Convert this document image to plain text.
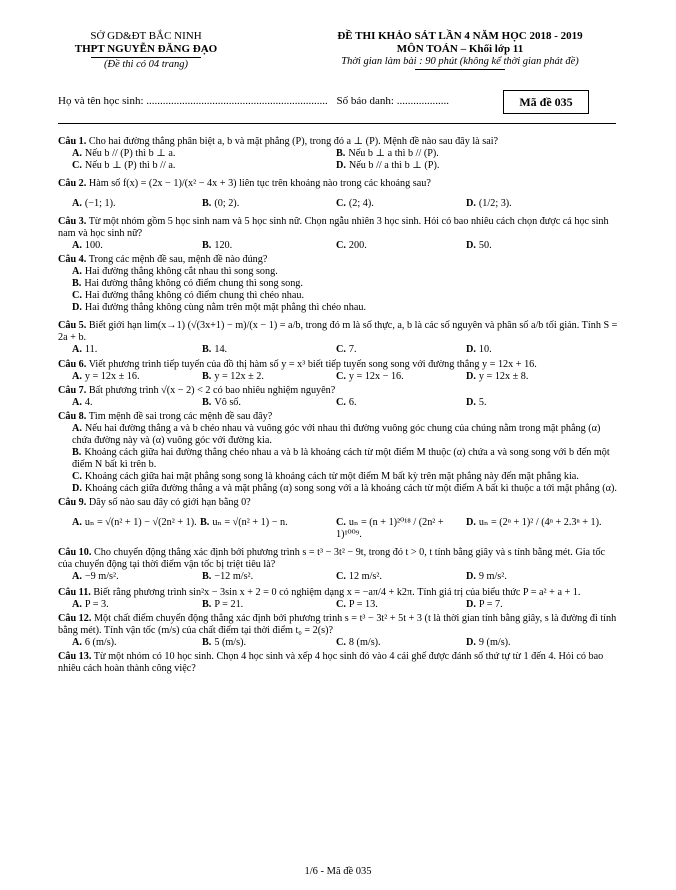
SỞ GD&ĐT BẮC NINH
THPT NGUYỄN ĐĂNG ĐẠO
(Đề thi có 04 trang)
ĐỀ THI KHẢO SÁT LẦN 4 NĂM HỌC 2018 - 2019
MÔN TOÁN – Khối lớp 11
Thời gian làm bài : 90 phút (không kể thời gian phát đề)
Họ và tên học sinh: .................................................................. Số báo danh: ...................	Mã đề 035
Câu 1. Cho hai đường thẳng phân biệt a, b và mặt phẳng (P), trong đó a ⊥ (P). Mệnh đề nào sau đây là sai?
A. Nếu b // (P) thì b ⊥ a.	B. Nếu b ⊥ a thì b // (P).
C. Nếu b ⊥ (P) thì b // a.	D. Nếu b // a thì b ⊥ (P).
Câu 2. Hàm số f(x) = (2x − 1)/(x² − 4x + 3) liên tục trên khoảng nào trong các khoảng sau?
A. (−1; 1).	B. (0; 2).	C. (2; 4).	D. (1/2; 3).
Câu 3. Từ một nhóm gồm 5 học sinh nam và 5 học sinh nữ. Chọn ngẫu nhiên 3 học sinh. Hỏi có bao nhiêu cách chọn được cả học sinh nam và học sinh nữ?
A. 100.	B. 120.	C. 200.	D. 50.
Câu 4. Trong các mệnh đề sau, mệnh đề nào đúng?
A. Hai đường thẳng không cắt nhau thì song song.
B. Hai đường thẳng không có điểm chung thì song song.
C. Hai đường thẳng không có điểm chung thì chéo nhau.
D. Hai đường thẳng không cùng nằm trên một mặt phẳng thì chéo nhau.
Câu 5. Biết giới hạn lim(x→1) (√(3x+1) − m)/(x − 1) = a/b, trong đó m là số thực, a, b là các số nguyên và phân số a/b tối giản. Tính S = 2a + b.
A. 11.	B. 14.	C. 7.	D. 10.
Câu 6. Viết phương trình tiếp tuyến của đồ thị hàm số y = x³ biết tiếp tuyến song song với đường thẳng y = 12x + 16.
A. y = 12x ± 16.	B. y = 12x ± 2.	C. y = 12x − 16.	D. y = 12x ± 8.
Câu 7. Bất phương trình √(x − 2) < 2 có bao nhiêu nghiệm nguyên?
A. 4.	B. Vô số.	C. 6.	D. 5.
Câu 8. Tìm mệnh đề sai trong các mệnh đề sau đây?
A. Nếu hai đường thẳng a và b chéo nhau và vuông góc với nhau thì đường vuông góc chung của chúng nằm trong mặt phẳng (α) chứa đường này và (α) vuông góc với đường kia.
B. Khoảng cách giữa hai đường thẳng chéo nhau a và b là khoảng cách từ một điểm M thuộc (α) chứa a và song song với b đến một điểm N bất kì trên b.
C. Khoảng cách giữa hai mặt phẳng song song là khoảng cách từ một điểm M bất kỳ trên mặt phẳng này đến mặt phẳng kia.
D. Khoảng cách giữa đường thẳng a và mặt phẳng (α) song song với a là khoảng cách từ một điểm A bất kì thuộc a tới mặt phẳng (α).
Câu 9. Dãy số nào sau đây có giới hạn bằng 0?
A. uₙ = √(n² + 1) − √(2n² + 1). B. uₙ = √(n² + 1) − n.	C. uₙ = (n + 1)²⁰¹⁸ / (2n² + 1)¹⁰⁰⁹.
D. uₙ = (2ⁿ + 1)² / (4ⁿ + 2.3ⁿ + 1).
Câu 10. Cho chuyển động thẳng xác định bởi phương trình s = t³ − 3t² − 9t, trong đó t > 0, t tính bằng giây và s tính bằng mét. Gia tốc của chuyển động tại thời điểm vận tốc bị triệt tiêu là?
A. −9 m/s².	B. −12 m/s².	C. 12 m/s².	D. 9 m/s².
Câu 11. Biết rằng phương trình sin²x − 3sin x + 2 = 0 có nghiệm dạng x = −aπ/4 + k2π. Tính giá trị của biểu thức P = a² + a + 1.
A. P = 3.	B. P = 21.	C. P = 13.	D. P = 7.
Câu 12. Một chất điểm chuyển động thẳng xác định bởi phương trình s = t³ − 3t² + 5t + 3 (t là thời gian tính bằng giây, s là đường đi tính bằng mét). Tính vận tốc (m/s) của chất điểm tại thời điểm t₀ = 2(s)?
A. 6 (m/s).	B. 5 (m/s).	C. 8 (m/s).	D. 9 (m/s).
Câu 13. Từ một nhóm có 10 học sinh. Chọn 4 học sinh và xếp 4 học sinh đó vào 4 cái ghế được đánh số thứ tự từ 1 đến 4. Hỏi có bao nhiêu cách hoàn thành công việc?
1/6 - Mã đề 035
